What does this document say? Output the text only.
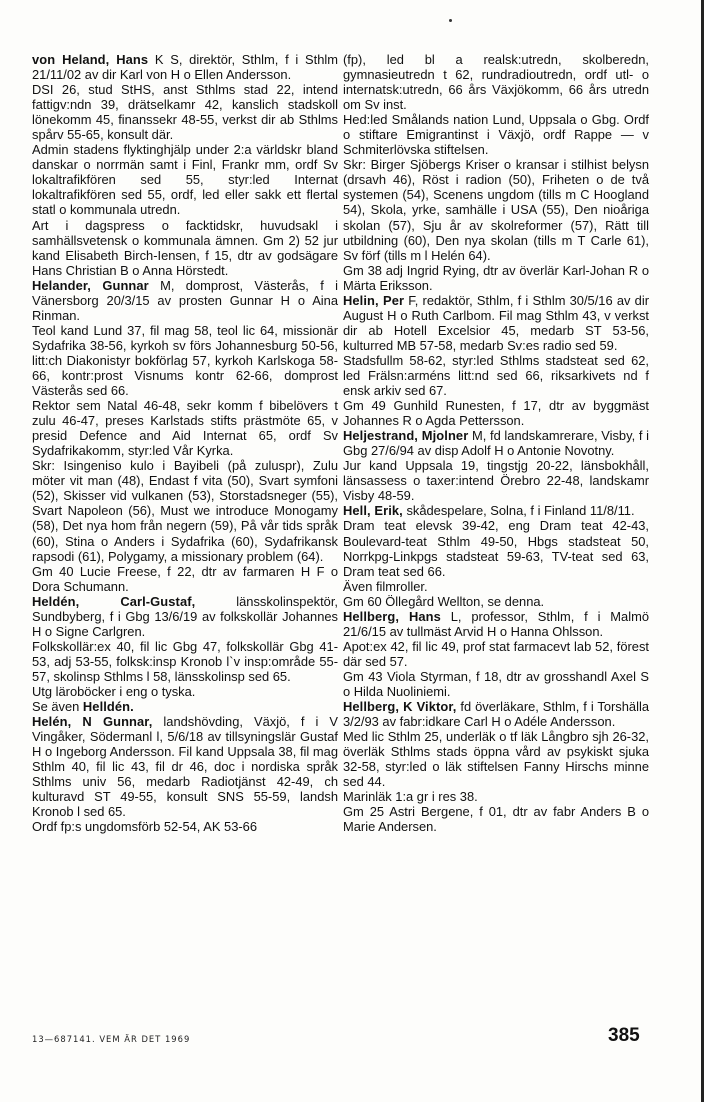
von Heland, Hans K S, direktör, Sthlm, f i Sthlm 21/11/02 av dir Karl von H o Ellen Andersson.

DSI 26, stud StHS, anst Sthlms stad 22, intend fattigv:ndn 39, drätselkamr 42, kanslich stadskoll lönekomm 45, finanssekr 48-55, verkst dir ab Sthlms spårv 55-65, konsult där.

Admin stadens flyktinghjälp under 2:a världskr bland danskar o norrmän samt i Finl, Frankr mm, ordf Sv lokaltrafikfören sed 55, styr:led Internat lokaltrafikfören sed 55, ordf, led eller sakk ett flertal statl o kommunala utredn.

Art i dagspress o facktidskr, huvudsakl i samhällsvetensk o kommunala ämnen. Gm 2) 52 jur kand Elisabeth Birch-Iensen, f 15, dtr av godsägare Hans Christian B o Anna Hörstedt.

Helander, Gunnar M, domprost, Västerås, f i Vänersborg 20/3/15 av prosten Gunnar H o Aina Rinman.

Teol kand Lund 37, fil mag 58, teol lic 64, missionär Sydafrika 38-56, kyrkoh sv förs Johannesburg 50-56, litt:ch Diakonistyr bokförlag 57, kyrkoh Karlskoga 58-66, kontr:prost Visnums kontr 62-66, domprost Västerås sed 66.

Rektor sem Natal 46-48, sekr komm f bibelövers t zulu 46-47, preses Karlstads stifts prästmöte 65, v presid Defence and Aid Internat 65, ordf Sv Sydafrikakomm, styr:led Vår Kyrka.

Skr: Isingeniso kulo i Bayibeli (på zuluspr), Zulu möter vit man (48), Endast f vita (50), Svart symfoni (52), Skisser vid vulkanen (53), Storstadsneger (55), Svart Napoleon (56), Must we introduce Monogamy (58), Det nya hom från negern (59), På vår tids språk (60), Stina o Anders i Sydafrika (60), Sydafrikansk rapsodi (61), Polygamy, a missionary problem (64).

Gm 40 Lucie Freese, f 22, dtr av farmaren H F o Dora Schumann.

Heldén, Carl-Gustaf, länsskolinspektör, Sundbyberg, f i Gbg 13/6/19 av folkskollär Johannes H o Signe Carlgren.

Folkskollär:ex 40, fil lic Gbg 47, folkskollär Gbg 41-53, adj 53-55, folksk:insp Kronob l`v insp:område 55-57, skolinsp Sthlms l 58, länsskolinsp sed 65.

Utg läroböcker i eng o tyska.

Se även Helldén.

Helén, N Gunnar, landshövding, Växjö, f i V Vingåker, Södermanl l, 5/6/18 av tillsyningslär Gustaf H o Ingeborg Andersson. Fil kand Uppsala 38, fil mag Sthlm 40, fil lic 43, fil dr 46, doc i nordiska språk Sthlms univ 56, medarb Radiotjänst 42-49, ch kulturavd ST 49-55, konsult SNS 55-59, landsh Kronob l sed 65.

Ordf fp:s ungdomsförb 52-54, AK 53-66

(fp), led bl a realsk:utredn, skolberedn, gymnasieutredn t 62, rundradioutredn, ordf utl- o internatsk:utredn, 66 års Växjökomm, 66 års utredn om Sv inst.

Hed:led Smålands nation Lund, Uppsala o Gbg. Ordf o stiftare Emigrantinst i Växjö, ordf Rappe — v Schmiterlövska stiftelsen.

Skr: Birger Sjöbergs Kriser o kransar i stilhist belysn (drsavh 46), Röst i radion (50), Friheten o de två systemen (54), Scenens ungdom (tills m C Hoogland 54), Skola, yrke, samhälle i USA (55), Den nioåriga skolan (57), Sju år av skolreformer (57), Rätt till utbildning (60), Den nya skolan (tills m T Carle 61), Sv förf (tills m l Helén 64).

Gm 38 adj Ingrid Rying, dtr av överlär Karl-Johan R o Märta Eriksson.

Helin, Per F, redaktör, Sthlm, f i Sthlm 30/5/16 av dir August H o Ruth Carlbom. Fil mag Sthlm 43, v verkst dir ab Hotell Excelsior 45, medarb ST 53-56, kulturred MB 57-58, medarb Sv:es radio sed 59.

Stadsfullm 58-62, styr:led Sthlms stadsteat sed 62, led Frälsn:arméns litt:nd sed 66, riksarkivets nd f ensk arkiv sed 67.

Gm 49 Gunhild Runesten, f 17, dtr av byggmäst Johannes R o Agda Pettersson.

Heljestrand, Mjolner M, fd landskamrerare, Visby, f i Gbg 27/6/94 av disp Adolf H o Antonie Novotny.

Jur kand Uppsala 19, tingstjg 20-22, länsbokhåll, länsassess o taxer:intend Örebro 22-48, landskamr Visby 48-59.

Hell, Erik, skådespelare, Solna, f i Finland 11/8/11.

Dram teat elevsk 39-42, eng Dram teat 42-43, Boulevard-teat Sthlm 49-50, Hbgs stadsteat 50, Norrkpg-Linkpgs stadsteat 59-63, TV-teat sed 63, Dram teat sed 66.

Även filmroller.

Gm 60 Öllegård Wellton, se denna.

Hellberg, Hans L, professor, Sthlm, f i Malmö 21/6/15 av tullmäst Arvid H o Hanna Ohlsson.

Apot:ex 42, fil lic 49, prof stat farmacevt lab 52, förest där sed 57.

Gm 43 Viola Styrman, f 18, dtr av grosshandl Axel S o Hilda Nuoliniemi.

Hellberg, K Viktor, fd överläkare, Sthlm, f i Torshälla 3/2/93 av fabr:idkare Carl H o Adéle Andersson.

Med lic Sthlm 25, underläk o tf läk Långbro sjh 26-32, överläk Sthlms stads öppna vård av psykiskt sjuka 32-58, styr:led o läk stiftelsen Fanny Hirschs minne sed 44.

Marinläk 1:a gr i res 38.

Gm 25 Astri Bergene, f 01, dtr av fabr Anders B o Marie Andersen.

13—687141. VEM ÄR DET 1969	385
